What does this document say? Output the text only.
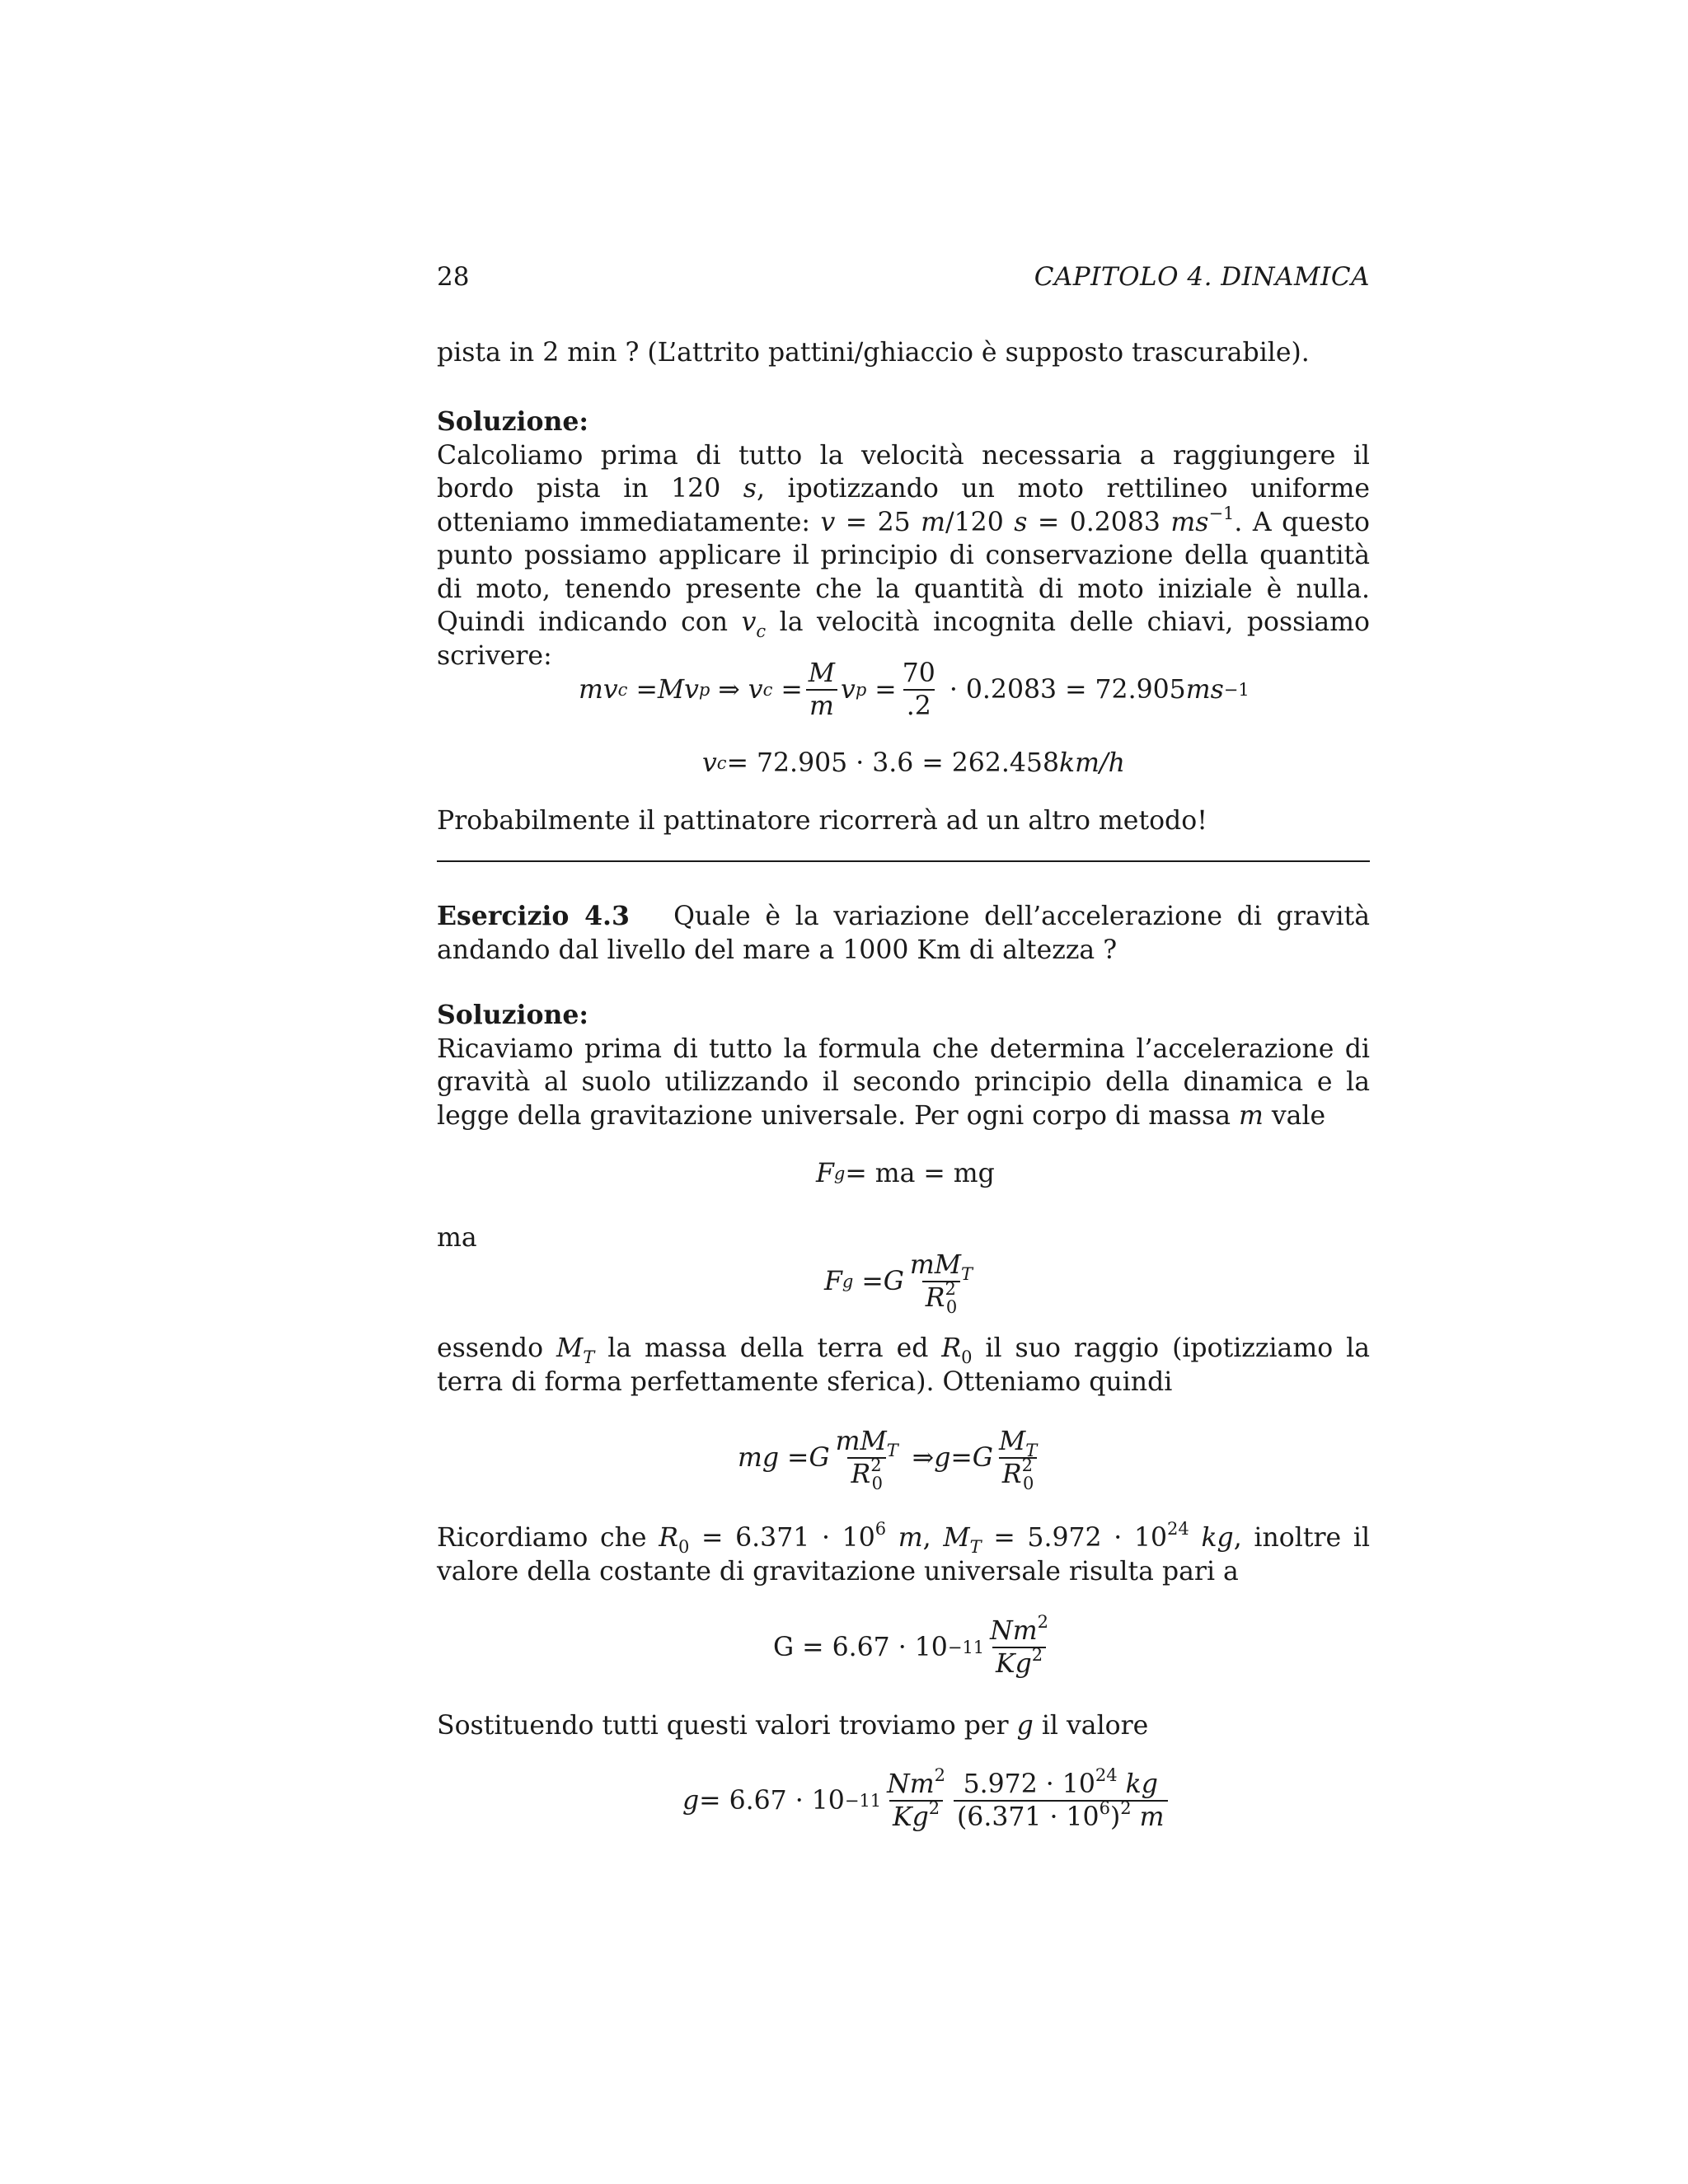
28	CAPITOLO 4. DINAMICA

pista in 2 min ? (L’attrito pattini/ghiaccio è supposto trascurabile).

Soluzione:

Calcoliamo prima di tutto la velocità necessaria a raggiungere il bordo pista in 120 s, ipotizzando un moto rettilineo uniforme otteniamo immediatamente: v = 25 m/120 s = 0.2083 $ms^{-1}$. A questo punto possiamo applicare il principio di conservazione della quantità di moto, tenendo presente che la quantità di moto iniziale è nulla. Quindi indicando con $v_c$ la velocità incognita delle chiavi, possiamo scrivere:

mv c = Mv p ⇒ v $c = \frac{M}{m}$ v $p = \frac{70}{.2}$
· 0.2083 = 72.905 ms −1
v c = 72.905 · 3.6 = 262.458 km/h

Probabilmente il pattinatore ricorrerà ad un altro metodo!

Esercizio 4.3 Quale è la variazione dell’accelerazione di gravità andando dal livello del mare a 1000 Km di altezza ?

Soluzione:

Ricaviamo prima di tutto la formula che determina l’accelerazione di gravità al suolo utilizzando il secondo principio della dinamica e la legge della gravitazione universale. Per ogni corpo di massa m vale

F g = ma = mg

ma

F g = G $\frac{mM_T}{R^2_0}$

essendo $M_T$ la massa della terra ed $R_0$ il suo raggio (ipotizziamo la terra di forma perfettamente sferica). Otteniamo quindi

mg = G $\frac{mM_T}{R^2_0}$ ⇒ g = G $\frac{M_T}{R^2_0}$

Ricordiamo che $R_0 = 6.371 \cdot 10^6$ m, $M_T = 5.972 \cdot 10^{24}$ kg, inoltre il valore della costante di gravitazione universale risulta pari a

$G = 6.67 \cdot 10 -11 \frac{Nm^2}{Kg^2}$

Sostituendo tutti questi valori troviamo per g il valore

$g = 6.67 \cdot 10 -11 \frac{Nm^2}{Kg^2} \frac{5.972 \cdot 10^{24} kg}{(6.371 \cdot 10^6)^2 m}$
